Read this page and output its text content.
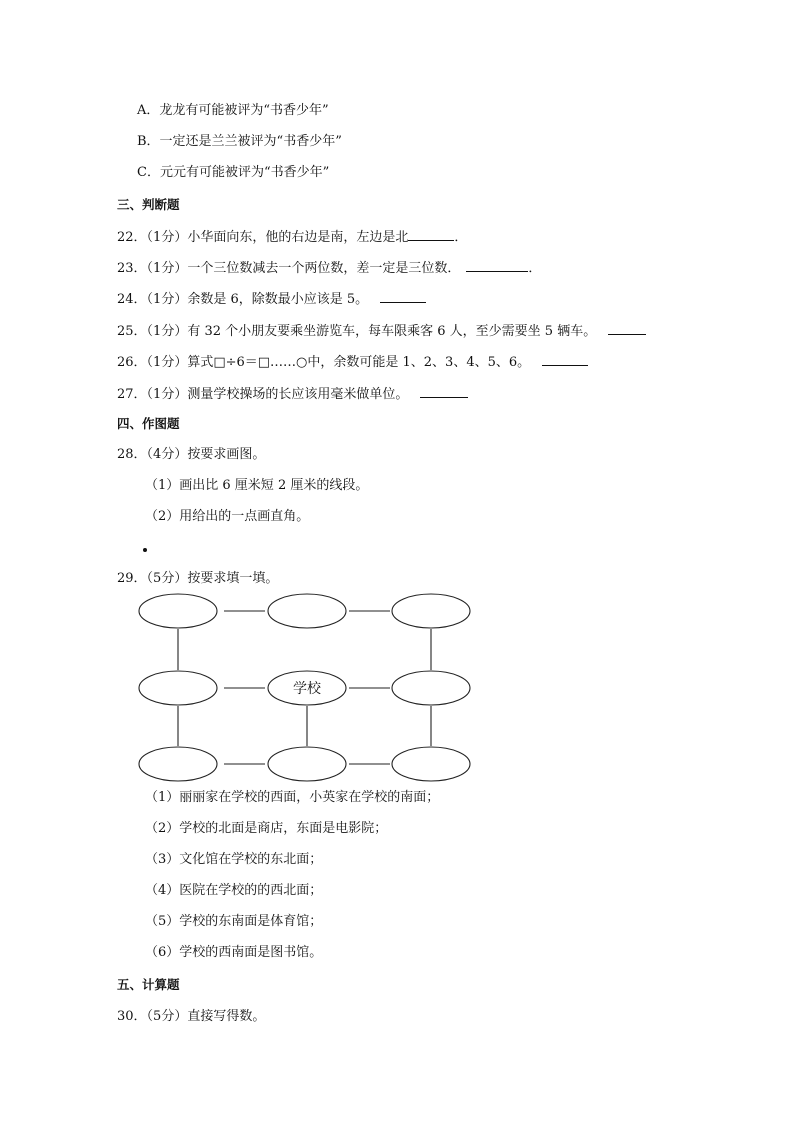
A．龙龙有可能被评为“书香少年”
B．一定还是兰兰被评为“书香少年”
C．元元有可能被评为“书香少年”
三、判断题
22．（1分）小华面向东，他的右边是南，左边是北	．
23．（1分）一个三位数减去一个两位数，差一定是三位数．	．
24．（1分）余数是 6，除数最小应该是 5。
25．（1分）有 32 个小朋友要乘坐游览车，每车限乘客 6 人，至少需要坐 5 辆车。
26．（1分）算式□÷6＝□……○中，余数可能是 1、2、3、4、5、6。
27．（1分）测量学校操场的长应该用毫米做单位。
四、作图题
28．（4分）按要求画图。
（1）画出比 6 厘米短 2 厘米的线段。
（2）用给出的一点画直角。
29．（5分）按要求填一填。
学校
（1）丽丽家在学校的西面，小英家在学校的南面；
（2）学校的北面是商店，东面是电影院；
（3）文化馆在学校的东北面；
（4）医院在学校的的西北面；
（5）学校的东南面是体育馆；
（6）学校的西南面是图书馆。
五、计算题
30．（5分）直接写得数。
